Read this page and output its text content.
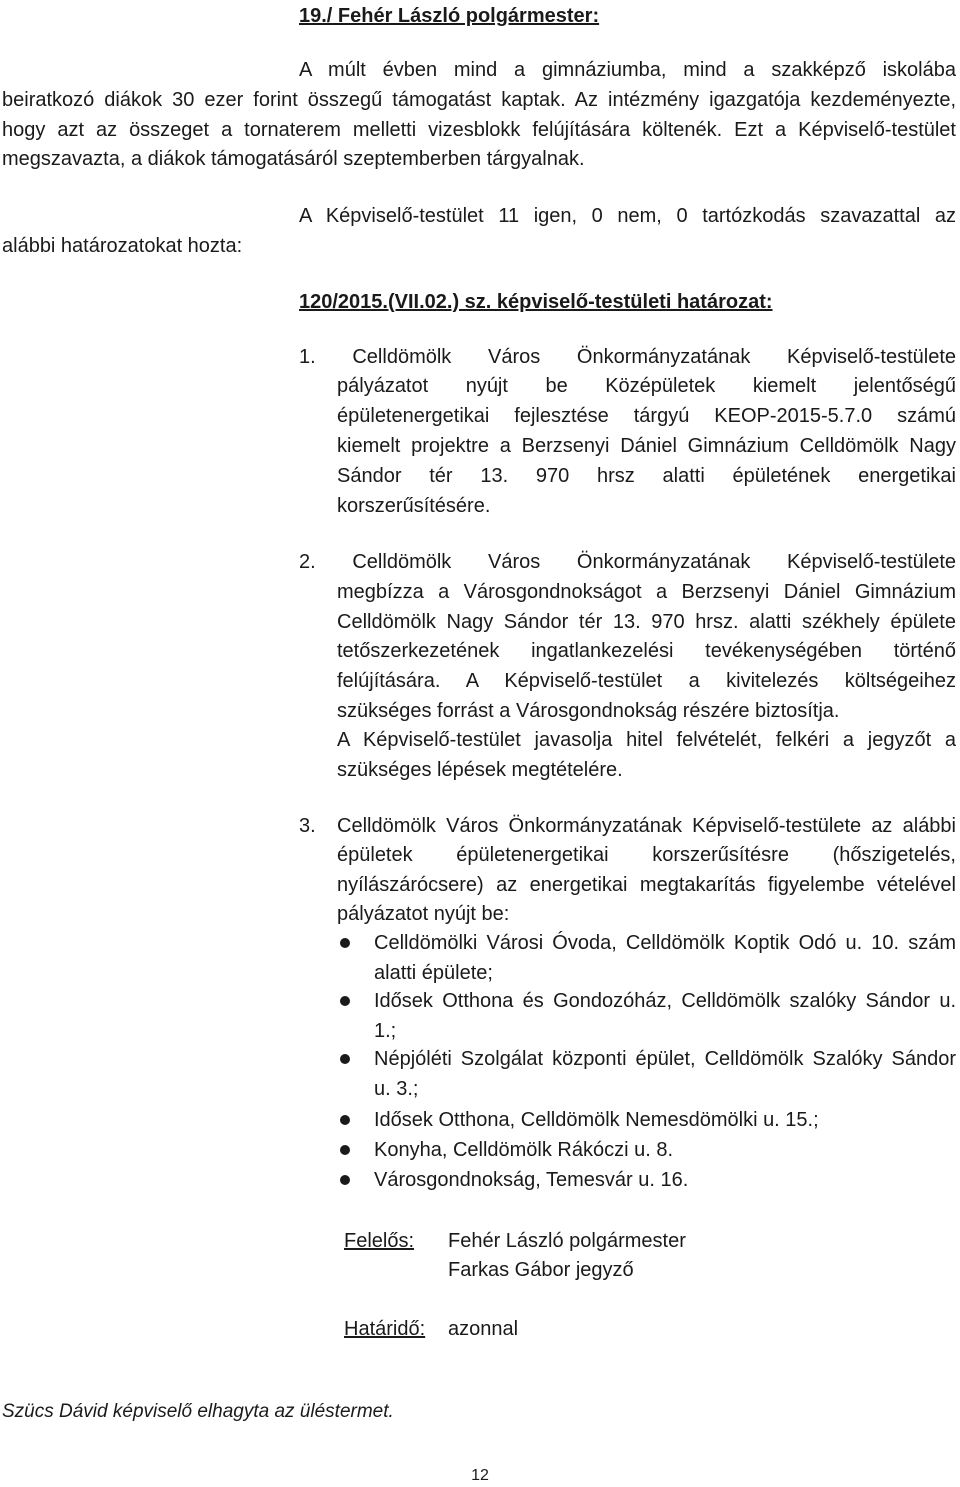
19./ Fehér László polgármester:
A múlt évben mind a gimnáziumba, mind a szakképző iskolába
beiratkozó diákok 30 ezer forint összegű támogatást kaptak. Az intézmény igazgatója kezdeményezte,
hogy azt az összeget a tornaterem melletti vizesblokk felújítására költenék. Ezt a Képviselő-testület
megszavazta, a diákok támogatásáról szeptemberben tárgyalnak.
A Képviselő-testület 11 igen, 0 nem, 0 tartózkodás szavazattal az
alábbi határozatokat hozta:
120/2015.(VII.02.) sz. képviselő-testületi határozat:
1. Celldömölk Város Önkormányzatának Képviselő-testülete
pályázatot nyújt be Középületek kiemelt jelentőségű
épületenergetikai fejlesztése tárgyú KEOP-2015-5.7.0 számú
kiemelt projektre a Berzsenyi Dániel Gimnázium Celldömölk Nagy
Sándor tér 13. 970 hrsz alatti épületének energetikai
korszerűsítésére.
2. Celldömölk Város Önkormányzatának Képviselő-testülete
megbízza a Városgondnokságot a Berzsenyi Dániel Gimnázium
Celldömölk Nagy Sándor tér 13. 970 hrsz. alatti székhely épülete
tetőszerkezetének ingatlankezelési tevékenységében történő
felújítására. A Képviselő-testület a kivitelezés költségeihez
szükséges forrást a Városgondnokság részére biztosítja.
A Képviselő-testület javasolja hitel felvételét, felkéri a jegyzőt a
szükséges lépések megtételére.
3. Celldömölk Város Önkormányzatának Képviselő-testülete az alábbi
épületek épületenergetikai korszerűsítésre (hőszigetelés,
nyílászárócsere) az energetikai megtakarítás figyelembe vételével
pályázatot nyújt be:
Celldömölki Városi Óvoda, Celldömölk Koptik Odó u. 10. szám
alatti épülete;
Idősek Otthona és Gondozóház, Celldömölk szalóky Sándor u.
1.;
Népjóléti Szolgálat központi épület, Celldömölk Szalóky Sándor
u. 3.;
Idősek Otthona, Celldömölk Nemesdömölki u. 15.;
Konyha, Celldömölk Rákóczi u. 8.
Városgondnokság, Temesvár u. 16.
Felelős: Fehér László polgármester
Farkas Gábor jegyző
Határidő: azonnal
Szücs Dávid képviselő elhagyta az üléstermet.
12
